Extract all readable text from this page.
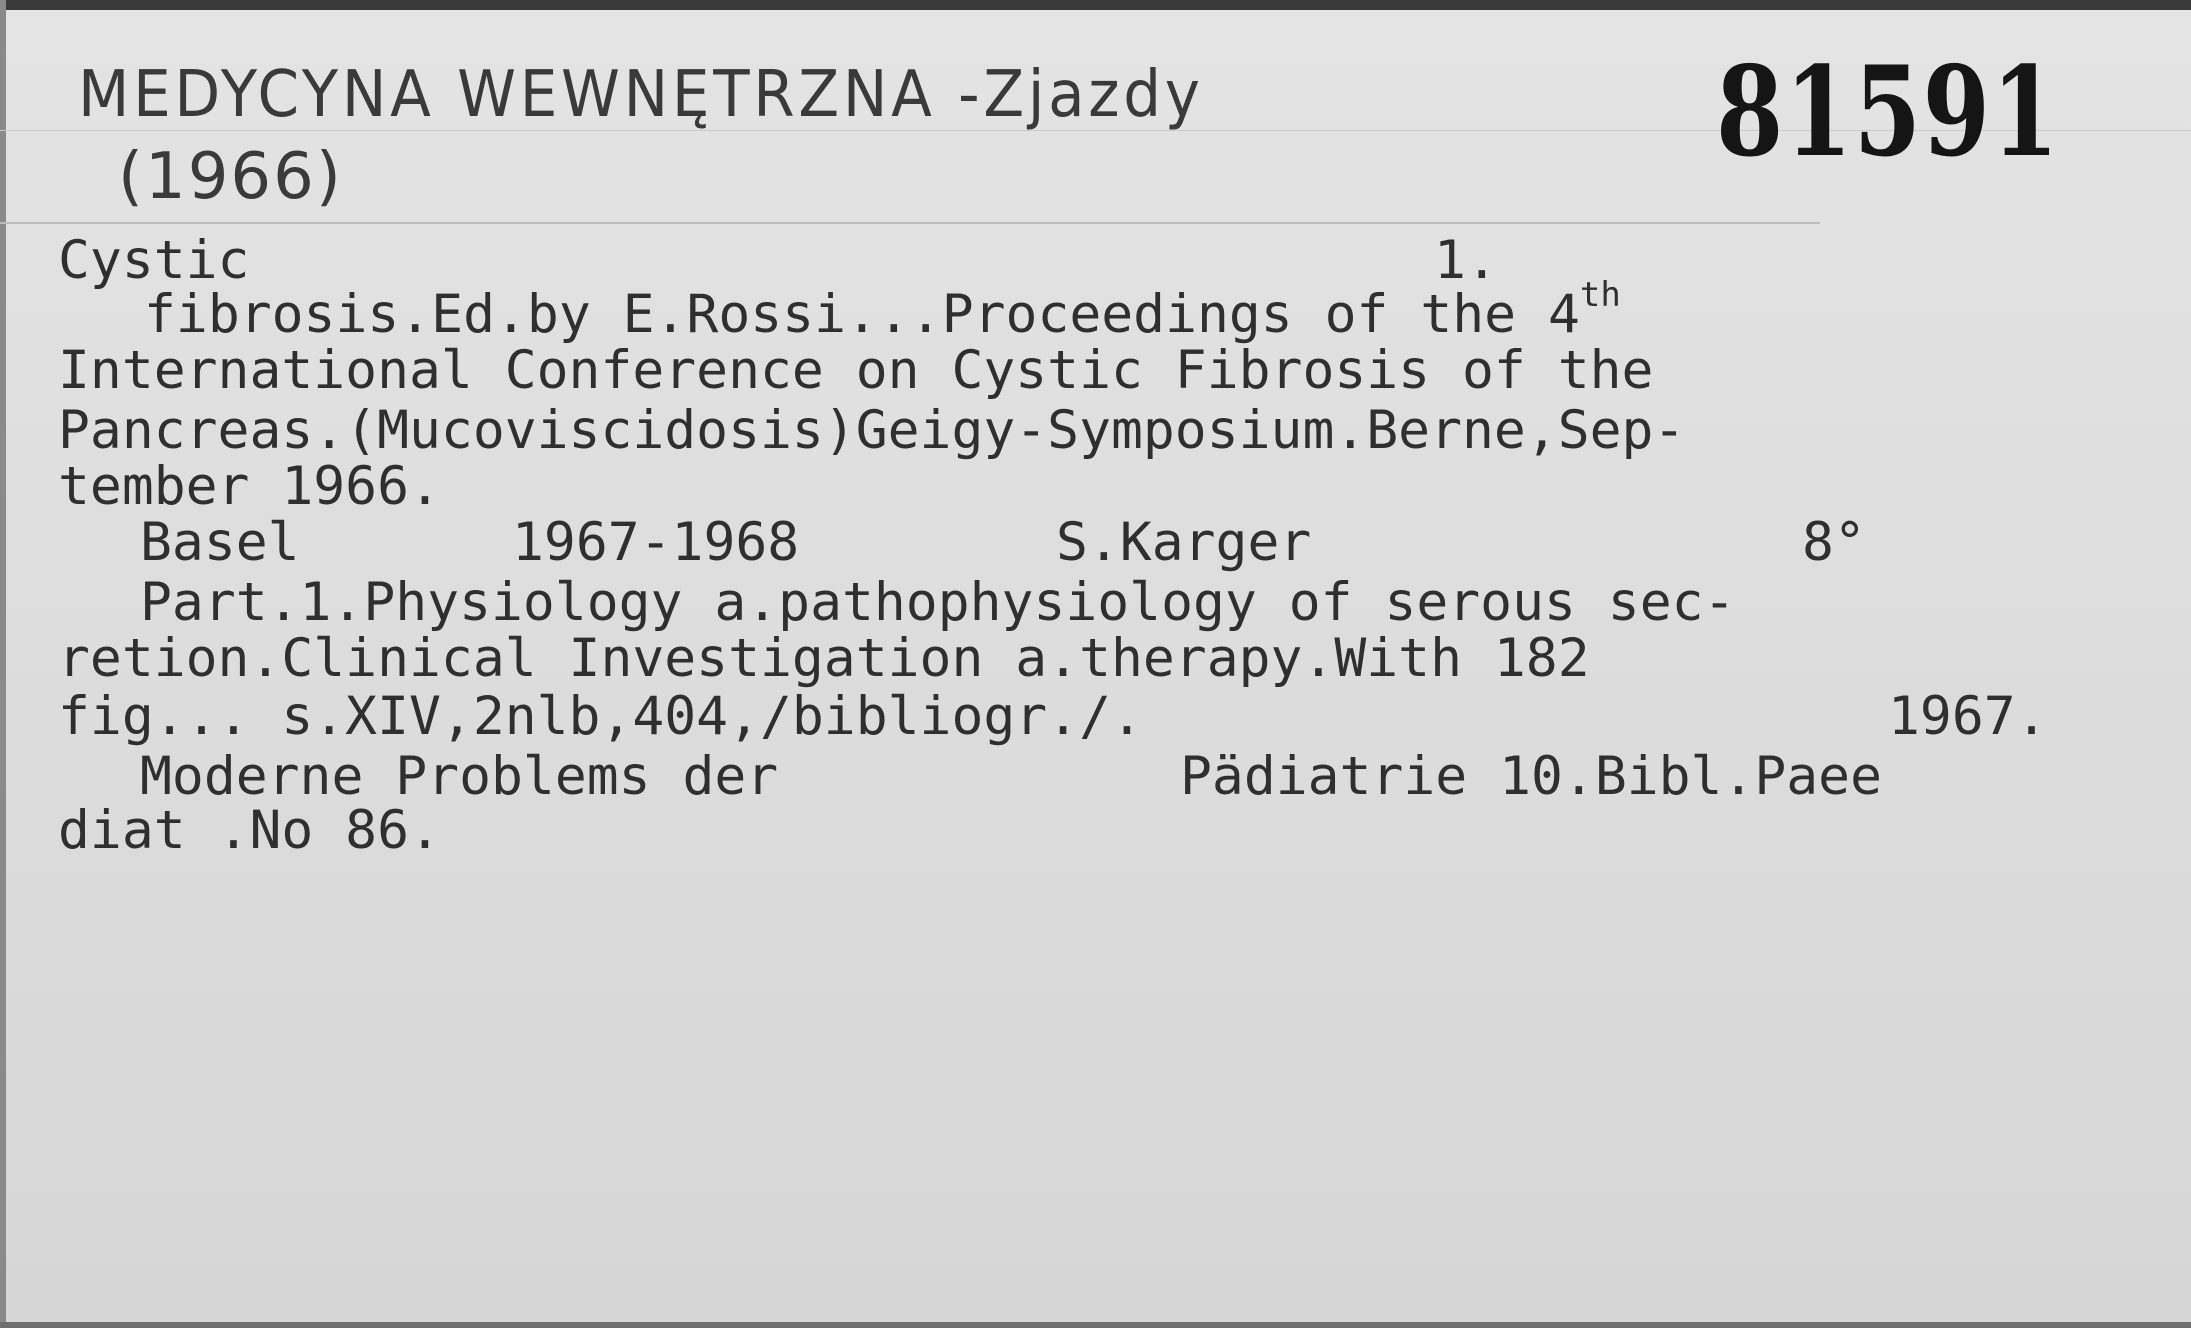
MEDYCYNA WEWNĘTRZNA -Zjazdy
(1966)	81591
Cystic	1.
fibrosis.Ed.by E.Rossi...Proceedings of the 4th
International Conference on Cystic Fibrosis of the
Pancreas.(Mucoviscidosis)Geigy-Symposium.Berne,Sep-
tember 1966.
Basel	1967-1968	S.Karger	8°
Part.1.Physiology a.pathophysiology of serous sec-
retion.Clinical Investigation a.therapy.With 182
fig... s.XIV,2nlb,404,/bibliogr./.	1967.
Moderne Problems der	Pädiatrie 10.Bibl.Paee
diat .No 86.
